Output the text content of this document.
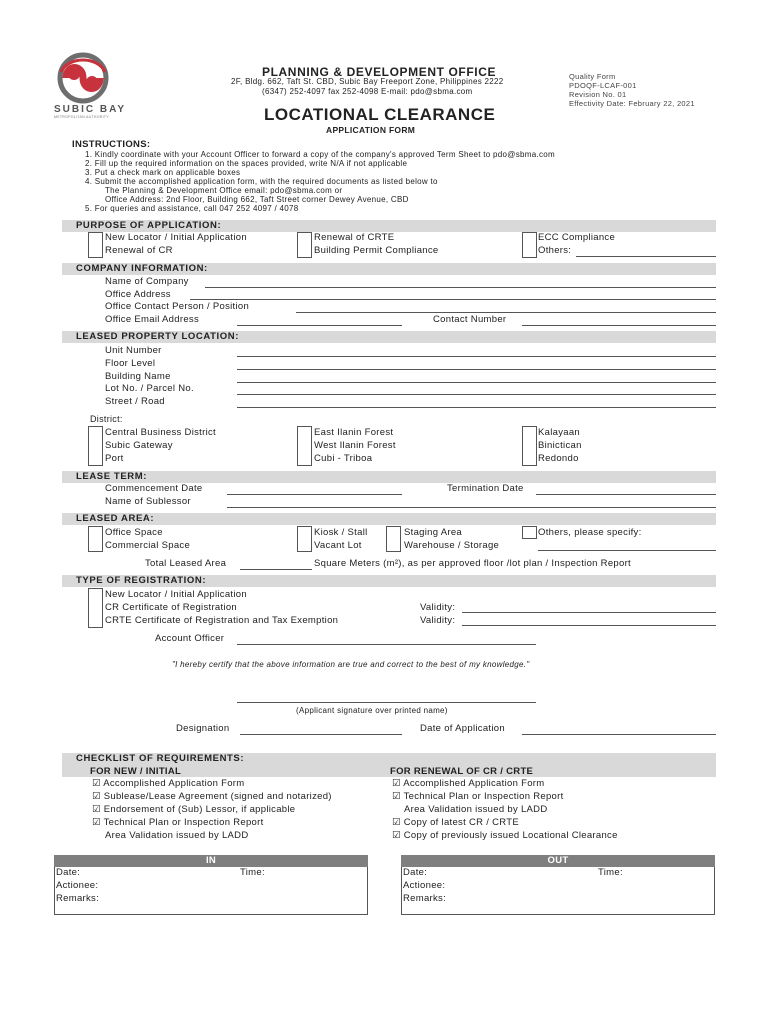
SUBIC BAY
METROPOLITAN AUTHORITY
PLANNING & DEVELOPMENT OFFICE
2F, Bldg. 662, Taft St. CBD, Subic Bay Freeport Zone, Philippines 2222
(6347) 252-4097 fax 252-4098 E-mail: pdo@sbma.com
Quality Form
PDOQF-LCAF-001
Revision No. 01
Effectivity Date: February 22, 2021
LOCATIONAL CLEARANCE
APPLICATION FORM
INSTRUCTIONS:
1. Kindly coordinate with your Account Officer to forward a copy of the company's approved Term Sheet to pdo@sbma.com
2. Fill up the required information on the spaces provided, write N/A if not applicable
3. Put a check mark on applicable boxes
4. Submit the accomplished application form, with the required documents as listed below to
The Planning & Development Office email: pdo@sbma.com or
Office Address: 2nd Floor, Building 662, Taft Street corner Dewey Avenue, CBD
5. For queries and assistance, call 047 252 4097 / 4078
PURPOSE OF APPLICATION:
New Locator / Initial Application
Renewal of CR
Renewal of CRTE
Building Permit Compliance
ECC Compliance
Others:
COMPANY INFORMATION:
Name of Company
Office Address
Office Contact Person / Position
Office Email Address	Contact Number
LEASED PROPERTY LOCATION:
Unit Number
Floor Level
Building Name
Lot No. / Parcel No.
Street / Road
District:
Central Business District
Subic Gateway
Port
East Ilanin Forest
West Ilanin Forest
Cubi - Triboa
Kalayaan
Binictican
Redondo
LEASE TERM:
Commencement Date	Termination Date
Name of Sublessor
LEASED AREA:
Office Space
Commercial Space
Kiosk / Stall
Vacant Lot
Staging Area
Warehouse / Storage
Others, please specify:
Total Leased Area	Square Meters (m²), as per approved floor /lot plan / Inspection Report
TYPE OF REGISTRATION:
New Locator / Initial Application
CR Certificate of Registration
CRTE Certificate of Registration and Tax Exemption
Validity:
Validity:
Account Officer
"I hereby certify that the above information are true and correct to the best of my knowledge."
(Applicant signature over printed name)
Designation	Date of Application
CHECKLIST OF REQUIREMENTS:
FOR NEW / INITIAL	FOR RENEWAL OF CR / CRTE
☑ Accomplished Application Form
☑ Sublease/Lease Agreement (signed and notarized)
☑ Endorsement of (Sub) Lessor, if applicable
☑ Technical Plan or Inspection Report
Area Validation issued by LADD
☑ Accomplished Application Form
☑ Technical Plan or Inspection Report
Area Validation issued by LADD
☑ Copy of latest CR / CRTE
☑ Copy of previously issued Locational Clearance
IN
Date:	Time:
Actionee:
Remarks:
OUT
Date:	Time:
Actionee:
Remarks:
